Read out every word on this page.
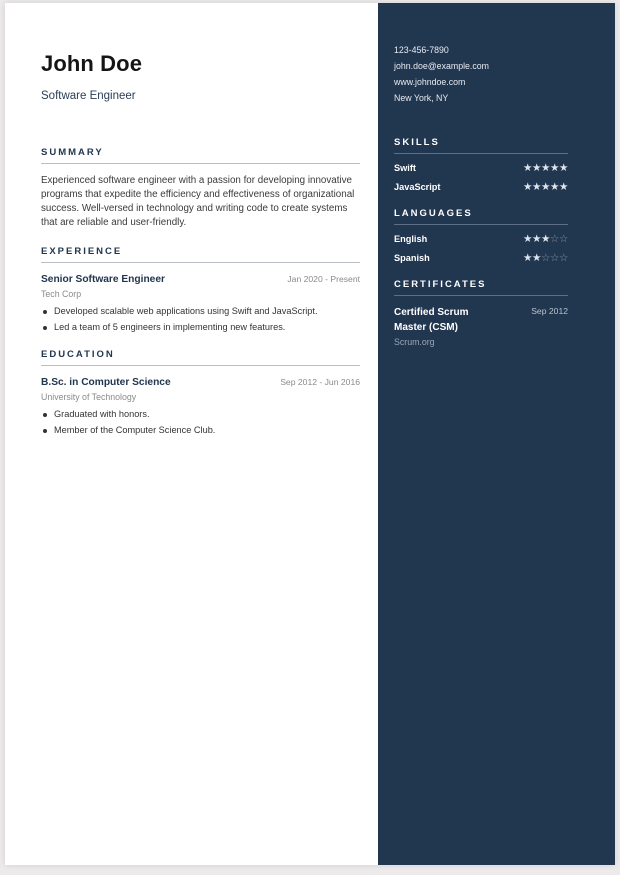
John Doe
Software Engineer
SUMMARY

Experienced software engineer with a passion for developing innovative programs that expedite the efficiency and effectiveness of organizational success. Well-versed in technology and writing code to create systems that are reliable and user-friendly.

EXPERIENCE
Senior Software Engineer	Jan 2020 - Present
Tech Corp
Developed scalable web applications using Swift and JavaScript.
Led a team of 5 engineers in implementing new features.
EDUCATION
B.Sc. in Computer Science	Sep 2012 - Jun 2016
University of Technology
Graduated with honors.
Member of the Computer Science Club.
123-456-7890
john.doe@example.com
www.johndoe.com
New York, NY
SKILLS
Swift	★ ★ ★ ★ ★
JavaScript	★ ★ ★ ★ ★
LANGUAGES
English	★ ★ ★ ☆ ☆
Spanish	★ ★ ☆ ☆ ☆
CERTIFICATES
Certified Scrum Master (CSM)
Sep 2012
Scrum.org
